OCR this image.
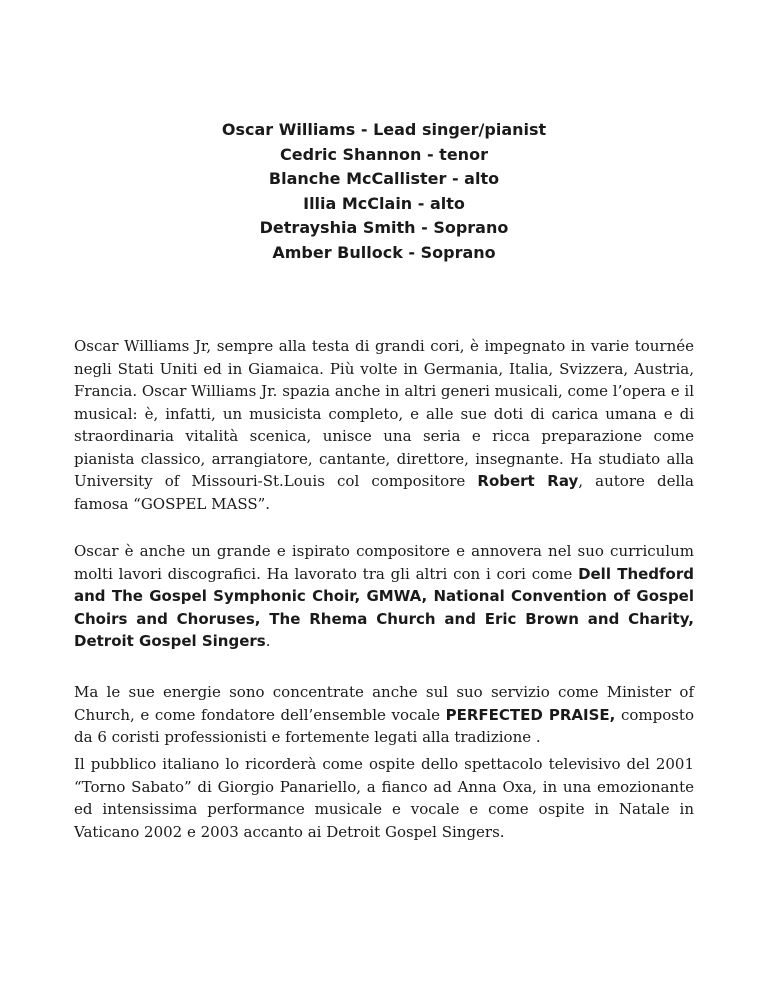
Oscar Williams - Lead singer/pianist
Cedric Shannon - tenor
Blanche McCallister - alto
Illia McClain - alto
Detrayshia Smith - Soprano
Amber Bullock - Soprano
Oscar Williams Jr, sempre alla testa di grandi cori, è impegnato in varie tournée negli Stati Uniti ed in Giamaica. Più volte in Germania, Italia, Svizzera, Austria, Francia. Oscar Williams Jr. spazia anche in altri generi musicali, come l’opera e il musical: è, infatti, un musicista completo, e alle sue doti di carica umana e di straordinaria vitalità scenica, unisce una seria e ricca preparazione come pianista classico, arrangiatore, cantante, direttore, insegnante. Ha studiato alla University of Missouri-St.Louis col compositore Robert Ray, autore della famosa “GOSPEL MASS”.
Oscar è anche un grande e ispirato compositore e annovera nel suo curriculum molti lavori discografici. Ha lavorato tra gli altri con i cori come Dell Thedford and The Gospel Symphonic Choir, GMWA, National Convention of Gospel Choirs and Choruses, The Rhema Church and Eric Brown and Charity, Detroit Gospel Singers.
Ma le sue energie sono concentrate anche sul suo servizio come Minister of Church, e come fondatore dell’ensemble vocale PERFECTED PRAISE, composto da 6 coristi professionisti e fortemente legati alla tradizione .
Il pubblico italiano lo ricorderà come ospite dello spettacolo televisivo del 2001 “Torno Sabato” di Giorgio Panariello, a fianco ad Anna Oxa, in una emozionante ed intensissima performance musicale e vocale e come ospite in Natale in Vaticano 2002 e 2003 accanto ai Detroit Gospel Singers.
